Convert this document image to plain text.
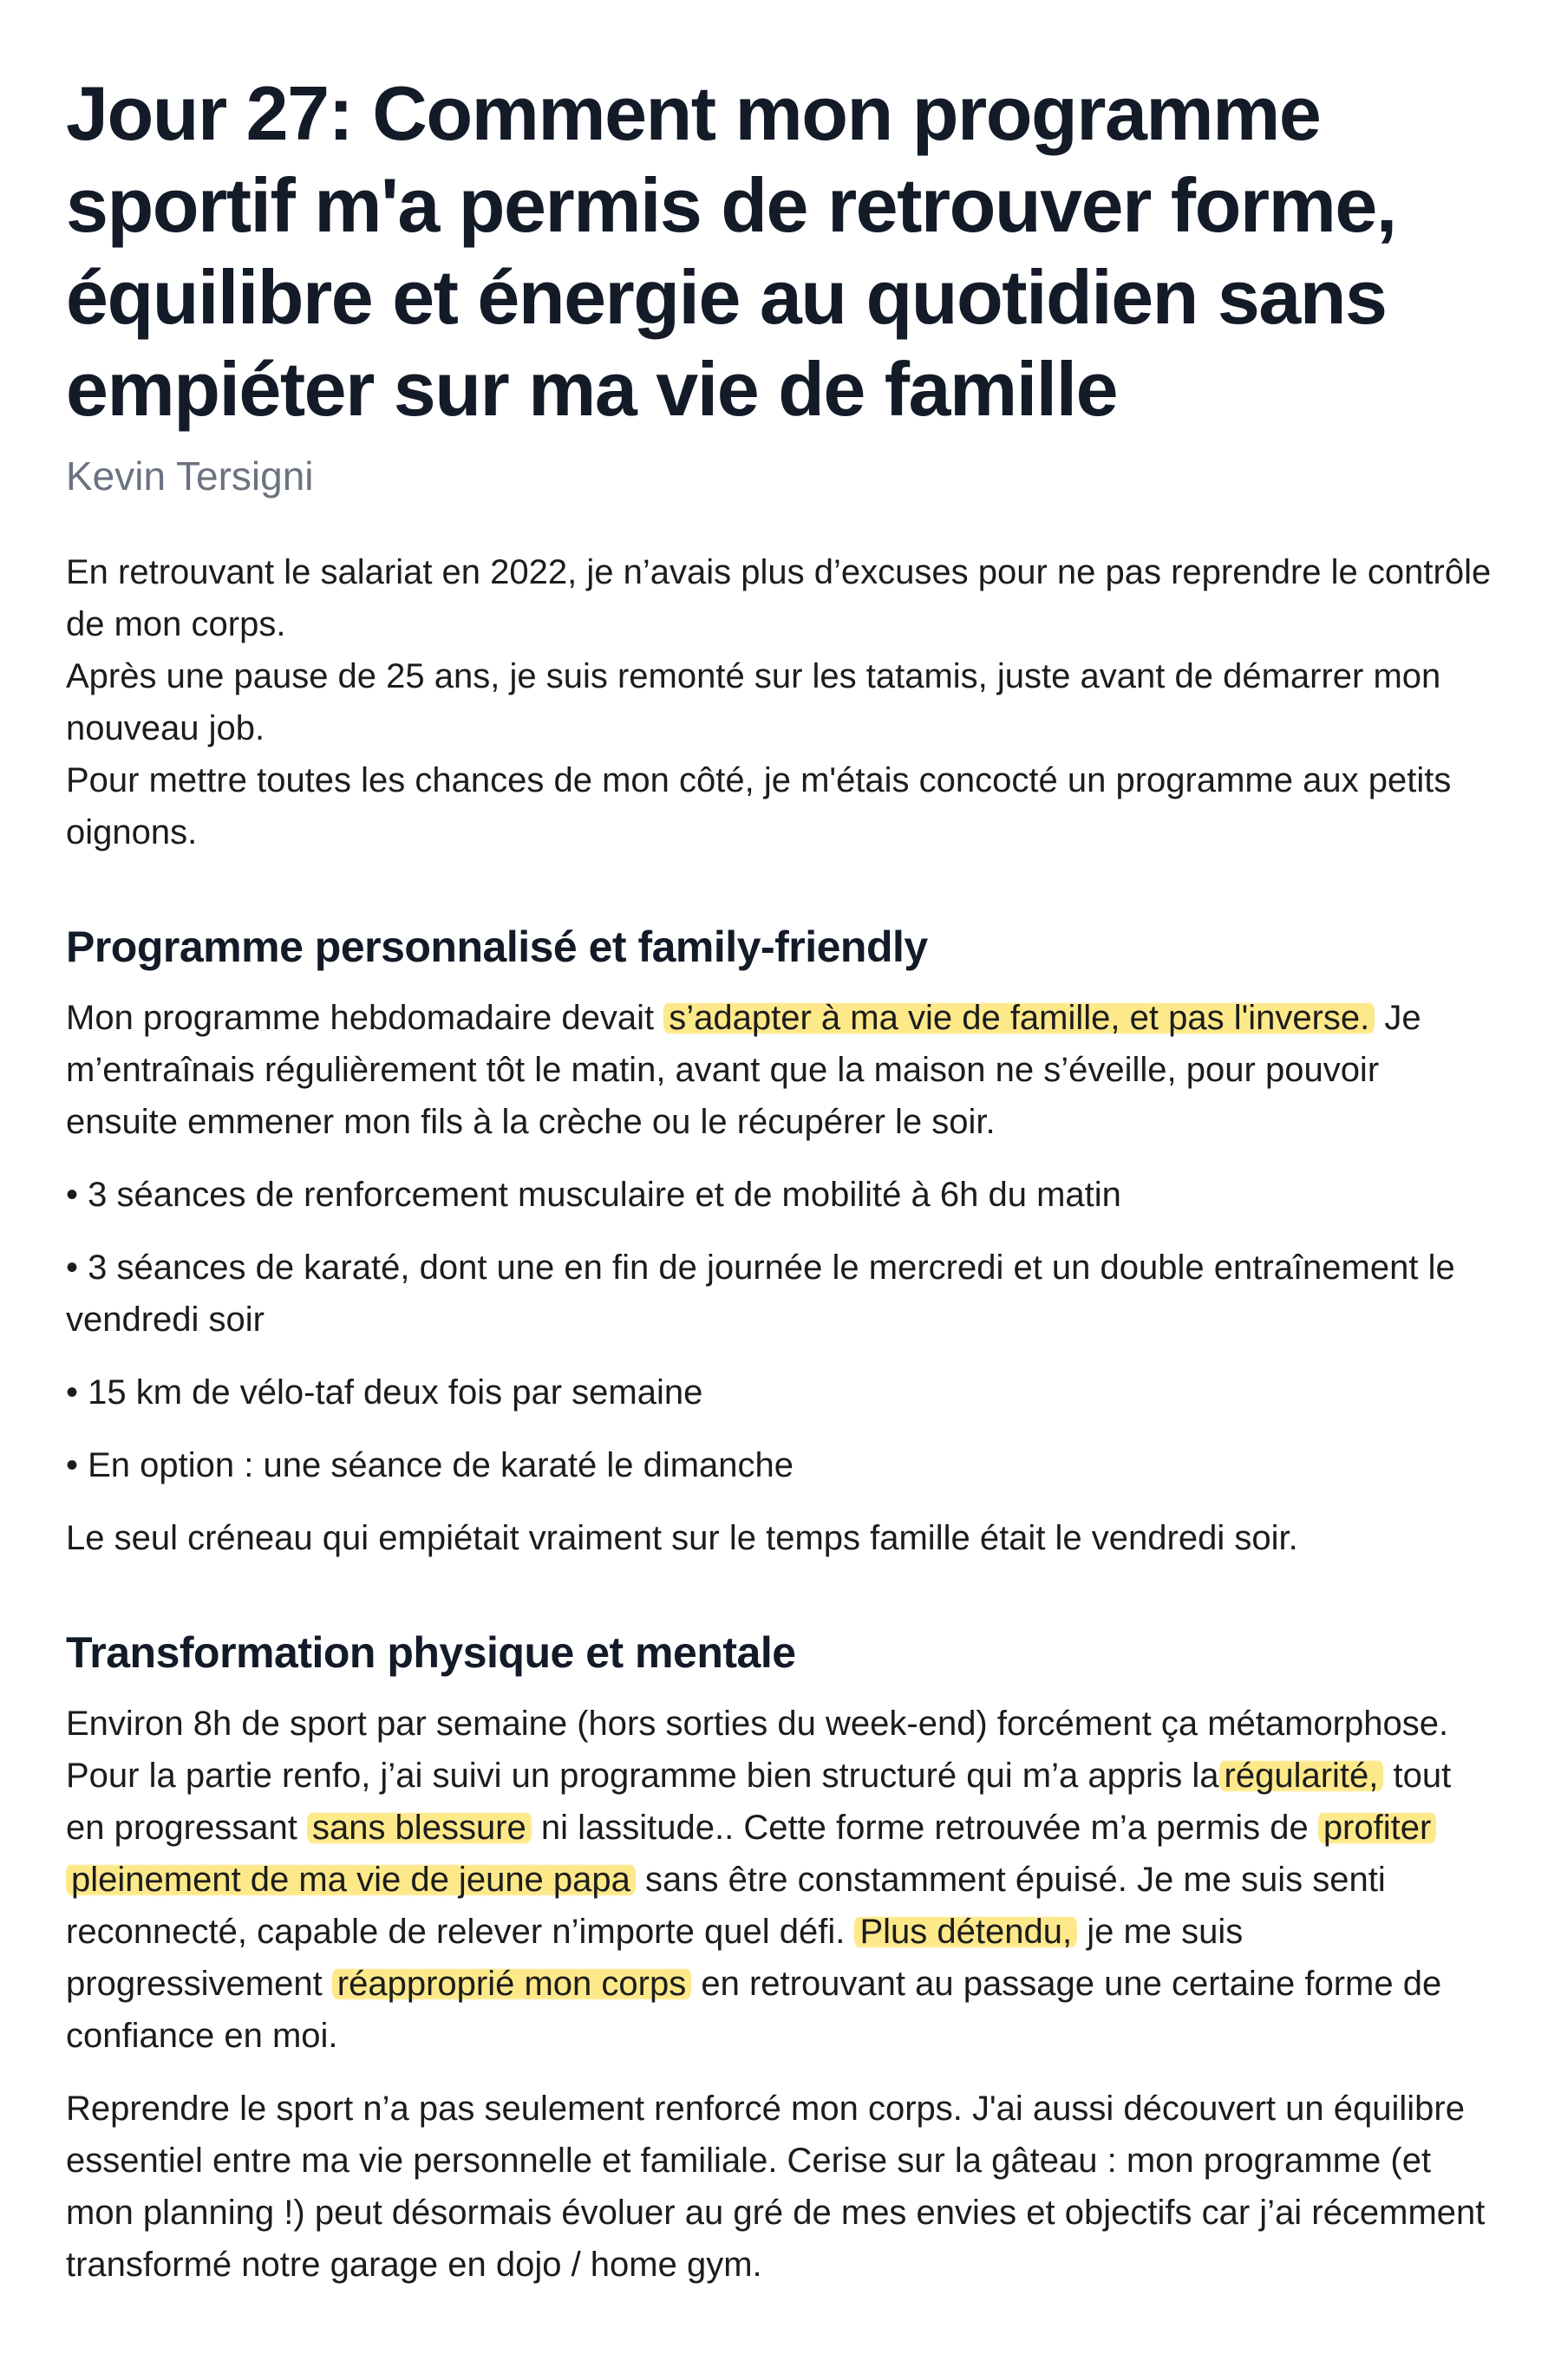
Jour 27: Comment mon programme sportif m'a permis de retrouver forme, équilibre et énergie au quotidien sans empiéter sur ma vie de famille
Kevin Tersigni

En retrouvant le salariat en 2022, je n’avais plus d’excuses pour ne pas reprendre le contrôle de mon corps.

Après une pause de 25 ans, je suis remonté sur les tatamis, juste avant de démarrer mon nouveau job.

Pour mettre toutes les chances de mon côté, je m'étais concocté un programme aux petits oignons.

Programme personnalisé et family-friendly

Mon programme hebdomadaire devait s’adapter à ma vie de famille, et pas l'inverse. Je m’entraînais régulièrement tôt le matin, avant que la maison ne s’éveille, pour pouvoir ensuite emmener mon fils à la crèche ou le récupérer le soir.

• 3 séances de renforcement musculaire et de mobilité à 6h du matin
• 3 séances de karaté, dont une en fin de journée le mercredi et un double entraînement le vendredi soir
• 15 km de vélo-taf deux fois par semaine
• En option : une séance de karaté le dimanche

Le seul créneau qui empiétait vraiment sur le temps famille était le vendredi soir.

Transformation physique et mentale

Environ 8h de sport par semaine (hors sorties du week-end) forcément ça métamorphose. Pour la partie renfo, j’ai suivi un programme bien structuré qui m’a appris la régularité, tout en progressant sans blessure ni lassitude.. Cette forme retrouvée m’a permis de profiter pleinement de ma vie de jeune papa sans être constamment épuisé. Je me suis senti reconnecté, capable de relever n’importe quel défi. Plus détendu, je me suis progressivement réapproprié mon corps en retrouvant au passage une certaine forme de confiance en moi.

Reprendre le sport n’a pas seulement renforcé mon corps. J'ai aussi découvert un équilibre essentiel entre ma vie personnelle et familiale. Cerise sur la gâteau : mon programme (et mon planning !) peut désormais évoluer au gré de mes envies et objectifs car j’ai récemment transformé notre garage en dojo / home gym.
